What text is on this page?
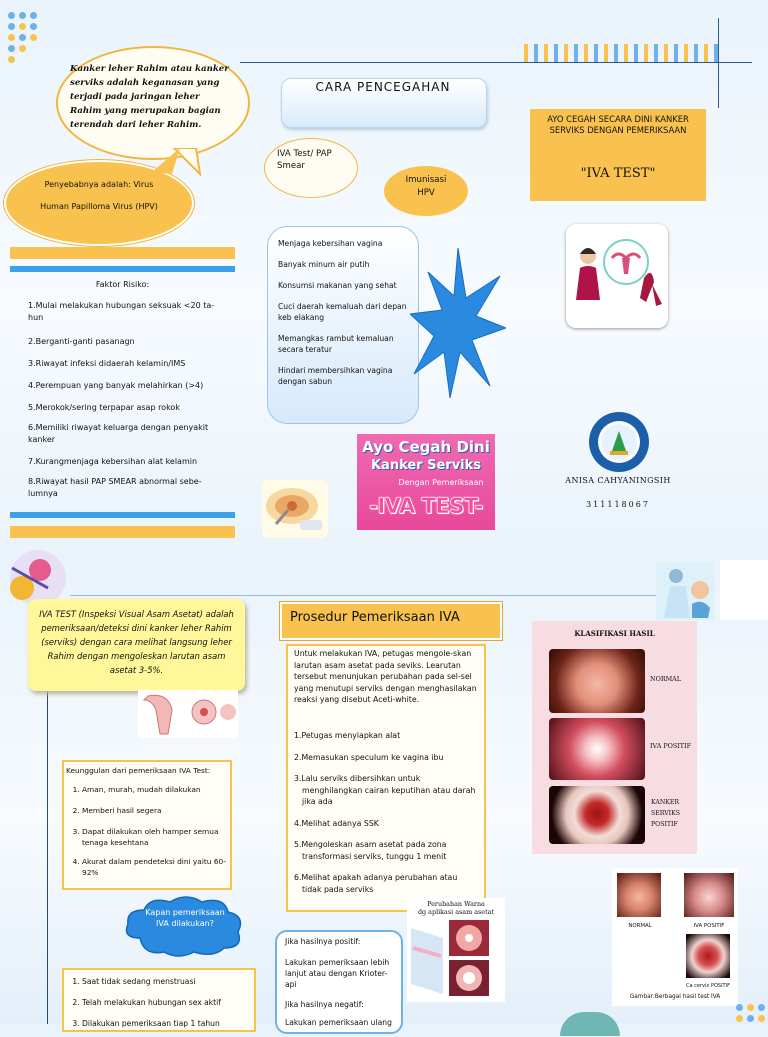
Kanker leher Rahim atau kanker serviks adalah keganasan yang terjadi pada jaringan leher Rahim yang merupakan bagian terendah dari leher Rahim.
Penyebabnya adalah: Virus
Human Papilloma Virus (HPV)
Faktor Risiko:
1.Mulai melakukan hubungan seksuak <20 ta-hun
2.Berganti-ganti pasanagn
3.Riwayat infeksi didaerah kelamin/IMS
4.Perempuan yang banyak melahirkan (>4)
5.Merokok/sering terpapar asap rokok
6.Memiliki riwayat keluarga dengan penyakit kanker
7.Kurangmenjaga kebersihan alat kelamin
8.Riwayat hasil PAP SMEAR abnormal sebe-lumnya
CARA PENCEGAHAN
IVA Test/ PAP Smear
Imunisasi HPV
Menjaga kebersihan vagina
Banyak minum air putih
Konsumsi makanan yang sehat
Cuci daerah kemaluah dari depan keb elakang
Memangkas rambut kemaluan secara teratur
Hindari membersihkan vagina dengan sabun
Ayo Cegah Dini
Kanker Serviks
Dengan Pemeriksaan
-IVA TEST-
AYO CEGAH SECARA DINI KANKER SERVIKS DENGAN PEMERIKSAAN
"IVA TEST"
ANISA CAHYANINGSIH
311118067
IVA TEST (Inspeksi Visual Asam Asetat) adalah pemeriksaan/deteksi dini kanker leher Rahim (serviks) dengan cara melihat langsung leher Rahim dengan mengoleskan larutan asam asetat 3-5%.
Keunggulan dari pemeriksaan IVA Test:
1. Aman, murah, mudah dilakukan
2. Memberi hasil segera
3. Dapat dilakukan oleh hamper semua tenaga kesehtana
4. Akurat dalam pendeteksi dini yaitu 60-92%
Kapan pemeriksaan IVA dilakukan?
1. Saat tidak sedang menstruasi
2. Telah melakukan hubungan sex aktif
3. Dilakukan pemeriksaan tiap 1 tahun
Prosedur Pemeriksaan IVA
Untuk melakukan IVA, petugas mengole-skan larutan asam asetat pada seviks. Learutan tersebut menunjukan perubahan pada sel-sel yang menutupi serviks dengan menghasilakan reaksi yang disebut Aceti-white.
1.Petugas menyiapkan alat
2.Memasukan speculum ke vagina ibu
3.Lalu serviks dibersihkan untuk menghilangkan cairan keputihan atau darah jika ada
4.Melihat adanya SSK
5.Mengoleskan asam asetat pada zona transformasi serviks, tunggu 1 menit
6.Melihat apakah adanya perubahan atau tidak pada serviks
Jika hasilnya positif:
Lakukan pemeriksaan lebih lanjut atau dengan Krioter-api
Jika hasilnya negatif:
Lakukan pemeriksaan ulang
Perubahan Warna
dg aplikasi asam asetat
KLASIFIKASI HASIL
NORMAL
IVA POSITIF
KANKER
SERVIKS
POSITIF
NORMAL	IVA POSITIF
Ca cervix POSITIF
Gambar:Berbagai hasil test IVA
